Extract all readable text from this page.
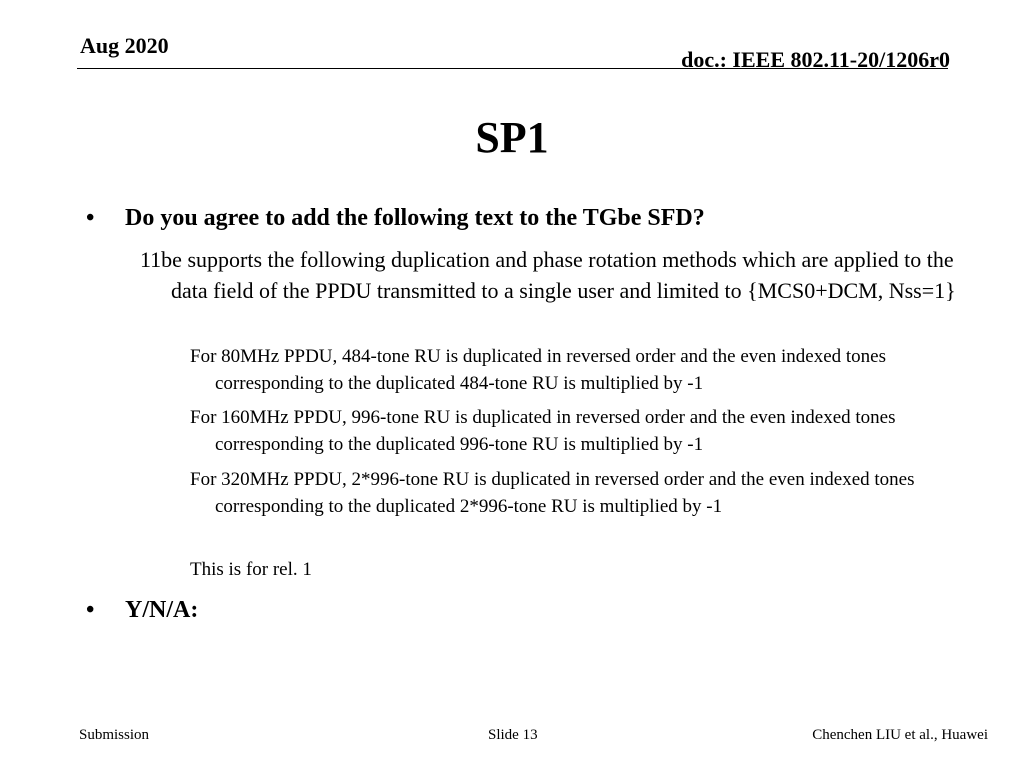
Aug 2020
doc.: IEEE 802.11-20/1206r0
SP1
• Do you agree to add the following text to the TGbe SFD?
11be supports the following duplication and phase rotation methods which are applied to the data field of the PPDU transmitted to a single user and limited to {MCS0+DCM, Nss=1}
For 80MHz PPDU, 484-tone RU is duplicated in reversed order and the even indexed tones corresponding to the duplicated 484-tone RU is multiplied by -1
For 160MHz PPDU, 996-tone RU is duplicated in reversed order and the even indexed tones corresponding to the duplicated 996-tone RU is multiplied by -1
For 320MHz PPDU, 2*996-tone RU is duplicated in reversed order and the even indexed tones corresponding to the duplicated 2*996-tone RU is multiplied by -1
This is for rel. 1
• Y/N/A:
Submission	Slide 13	Chenchen LIU et al., Huawei
